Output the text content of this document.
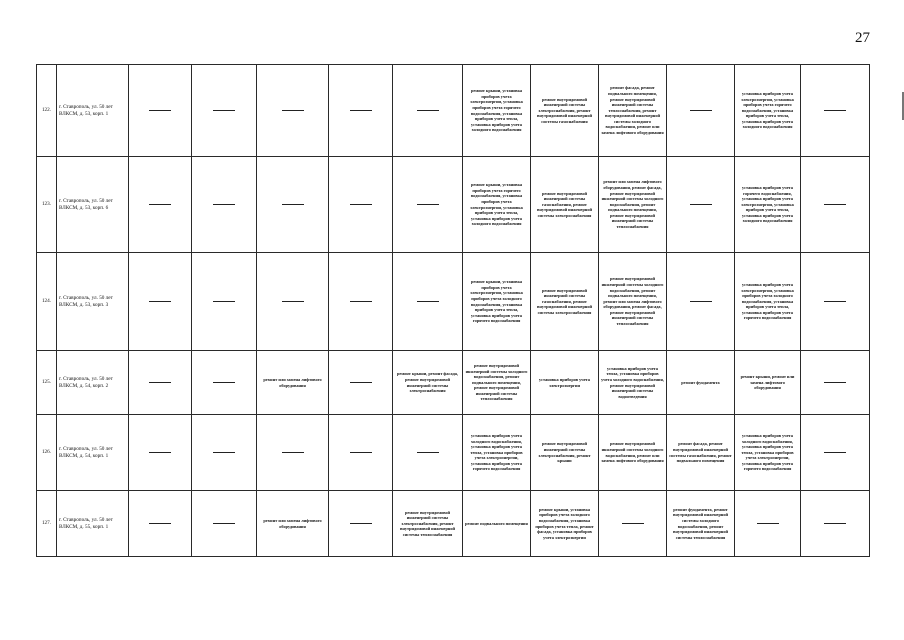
27
122.	г. Ставрополь, ул. 50 лет ВЛКСМ, д. 53, корп. 1						ремонт крыши, установка приборов учета электроэнергии, установка приборов учета горячего водоснабжения, установка приборов учета тепла, установка приборов учета холодного водоснабжения	ремонт внутридомовой инженерной системы электроснабжения, ремонт внутридомовой инженерной системы газоснабжения	ремонт фасада, ремонт подвального помещения, ремонт внутридомовой инженерной системы теплоснабжения, ремонт внутридомовой инженерной системы холодного водоснабжения, ремонт или замена лифтового оборудования		установка приборов учета электроэнергии, установка приборов учета горячего водоснабжения, установка приборов учета тепла, установка приборов учета холодного водоснабжения	
123.	г. Ставрополь, ул. 50 лет ВЛКСМ, д. 53, корп. 6						ремонт крыши, установка приборов учета горячего водоснабжения, установка приборов учета электроэнергии, установка приборов учета тепла, установка приборов учета холодного водоснабжения	ремонт внутридомовой инженерной системы газоснабжения, ремонт внутридомовой инженерной системы электроснабжения	ремонт или замена лифтового оборудования, ремонт фасада, ремонт внутридомовой инженерной системы холодного водоснабжения, ремонт подвального помещения, ремонт внутридомовой инженерной системы теплоснабжения		установка приборов учета горячего водоснабжения, установка приборов учета электроэнергии, установка приборов учета тепла, установка приборов учета холодного водоснабжения	
124.	г. Ставрополь, ул. 50 лет ВЛКСМ, д. 53, корп. 3						ремонт крыши, установка приборов учета электроэнергии, установка приборов учета холодного водоснабжения, установка приборов учета тепла, установка приборов учета горячего водоснабжения	ремонт внутридомовой инженерной системы газоснабжения, ремонт внутридомовой инженерной системы электроснабжения	ремонт внутридомовой инженерной системы холодного водоснабжения, ремонт подвального помещения, ремонт или замена лифтового оборудования, ремонт фасада, ремонт внутридомовой инженерной системы теплоснабжения		установка приборов учета электроэнергии, установка приборов учета холодного водоснабжения, установка приборов учета тепла, установка приборов учета горячего водоснабжения	
125.	г. Ставрополь, ул. 50 лет ВЛКСМ, д. 54, корп. 2			ремонт или замена лифтового оборудования		ремонт крыши, ремонт фасада, ремонт внутридомовой инженерной системы электроснабжения	ремонт внутридомовой инженерной системы холодного водоснабжения, ремонт подвального помещения, ремонт внутридомовой инженерной системы теплоснабжения	установка приборов учета электроэнергии	установка приборов учета тепла, установка приборов учета холодного водоснабжения, ремонт внутридомовой инженерной системы водоотведения	ремонт фундамента	ремонт крыши, ремонт или замена лифтового оборудования	
126.	г. Ставрополь, ул. 50 лет ВЛКСМ, д. 54, корп. 1						установка приборов учета холодного водоснабжения, установка приборов учета тепла, установка приборов учета электроэнергии, установка приборов учета горячего водоснабжения	ремонт внутридомовой инженерной системы электроснабжения, ремонт крыши	ремонт внутридомовой инженерной системы холодного водоснабжения, ремонт или замена лифтового оборудования	ремонт фасада, ремонт внутридомовой инженерной системы газоснабжения, ремонт подвального помещения	установка приборов учета холодного водоснабжения, установка приборов учета тепла, установка приборов учета электроэнергии, установка приборов учета горячего водоснабжения	
127.	г. Ставрополь, ул. 50 лет ВЛКСМ, д. 55, корп. 1			ремонт или замена лифтового оборудования		ремонт внутридомовой инженерной системы электроснабжения, ремонт внутридомовой инженерной системы теплоснабжения	ремонт подвального помещения	ремонт крыши, установка приборов учета холодного водоснабжения, установка приборов учета тепла, ремонт фасада, установка приборов учета электроэнергии		ремонт фундамента, ремонт внутридомовой инженерной системы холодного водоснабжения, ремонт внутридомовой инженерной системы теплоснабжения		
